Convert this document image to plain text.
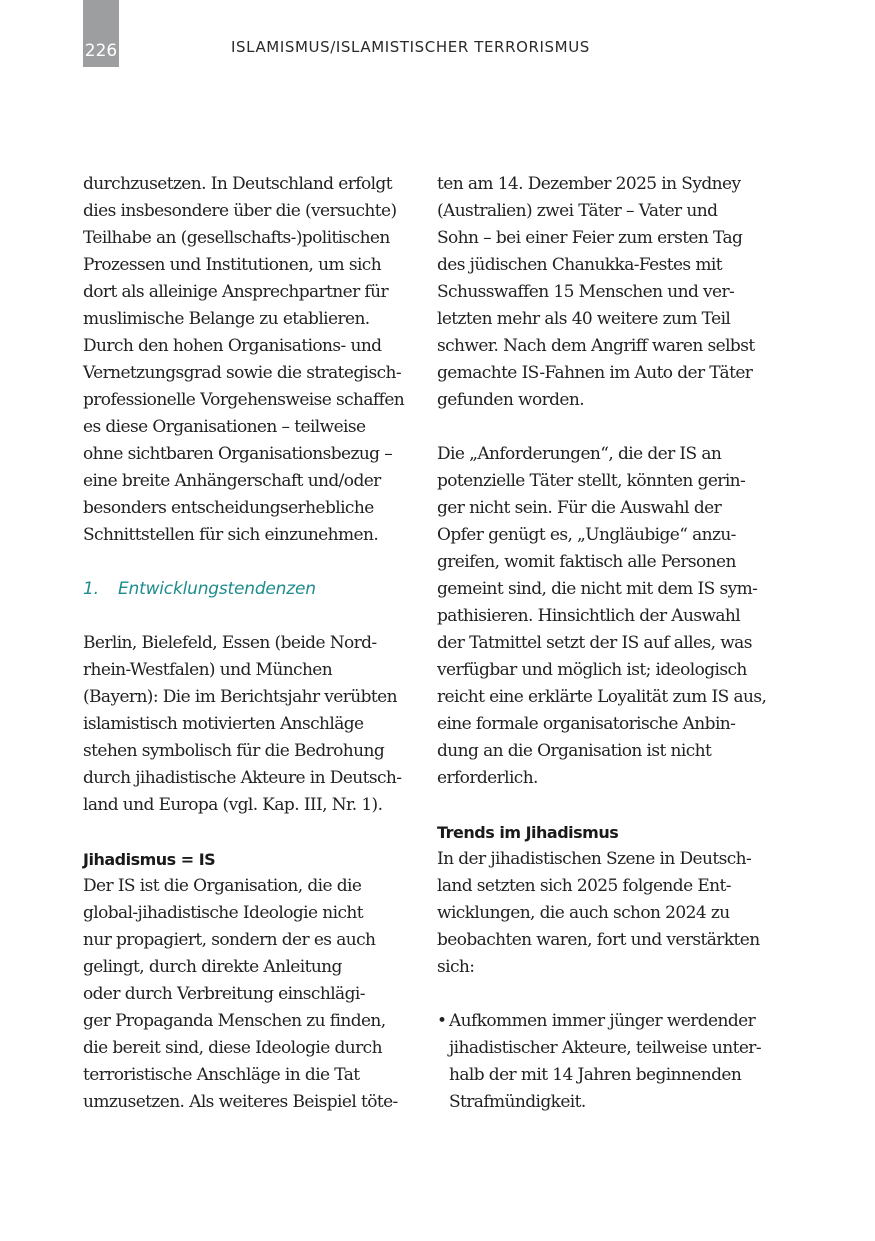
226	ISLAMISMUS/ISLAMISTISCHER TERRORISMUS
durchzusetzen. In Deutschland erfolgt
dies insbesondere über die (versuchte)
Teilhabe an (gesellschafts-)politischen
Prozessen und Institutionen, um sich
dort als alleinige Ansprechpartner für
muslimische Belange zu etablieren.
Durch den hohen Organisations- und
Vernetzungsgrad sowie die strategisch-
professionelle Vorgehensweise schaffen
es diese Organisationen – teilweise
ohne sichtbaren Organisationsbezug –
eine breite Anhängerschaft und/oder
besonders entscheidungserhebliche
Schnittstellen für sich einzunehmen.
1. Entwicklungstendenzen
Berlin, Bielefeld, Essen (beide Nord-
rhein-Westfalen) und München
(Bayern): Die im Berichtsjahr verübten
islamistisch motivierten Anschläge
stehen symbolisch für die Bedrohung
durch jihadistische Akteure in Deutsch-
land und Europa (vgl. Kap. III, Nr. 1).
Jihadismus = IS
Der IS ist die Organisation, die die
global-jihadistische Ideologie nicht
nur propagiert, sondern der es auch
gelingt, durch direkte Anleitung
oder durch Verbreitung einschlägi-
ger Propaganda Menschen zu finden,
die bereit sind, diese Ideologie durch
terroristische Anschläge in die Tat
umzusetzen. Als weiteres Beispiel töte-
ten am 14. Dezember 2025 in Sydney
(Australien) zwei Täter – Vater und
Sohn – bei einer Feier zum ersten Tag
des jüdischen Chanukka-Festes mit
Schusswaffen 15 Menschen und ver-
letzten mehr als 40 weitere zum Teil
schwer. Nach dem Angriff waren selbst
gemachte IS-Fahnen im Auto der Täter
gefunden worden.
Die „Anforderungen“, die der IS an
potenzielle Täter stellt, könnten gerin-
ger nicht sein. Für die Auswahl der
Opfer genügt es, „Ungläubige“ anzu-
greifen, womit faktisch alle Personen
gemeint sind, die nicht mit dem IS sym-
pathisieren. Hinsichtlich der Auswahl
der Tatmittel setzt der IS auf alles, was
verfügbar und möglich ist; ideologisch
reicht eine erklärte Loyalität zum IS aus,
eine formale organisatorische Anbin-
dung an die Organisation ist nicht
erforderlich.
Trends im Jihadismus
In der jihadistischen Szene in Deutsch-
land setzten sich 2025 folgende Ent-
wicklungen, die auch schon 2024 zu
beobachten waren, fort und verstärkten
sich:
• Aufkommen immer jünger werdender
jihadistischer Akteure, teilweise unter-
halb der mit 14 Jahren beginnenden
Strafmündigkeit.
